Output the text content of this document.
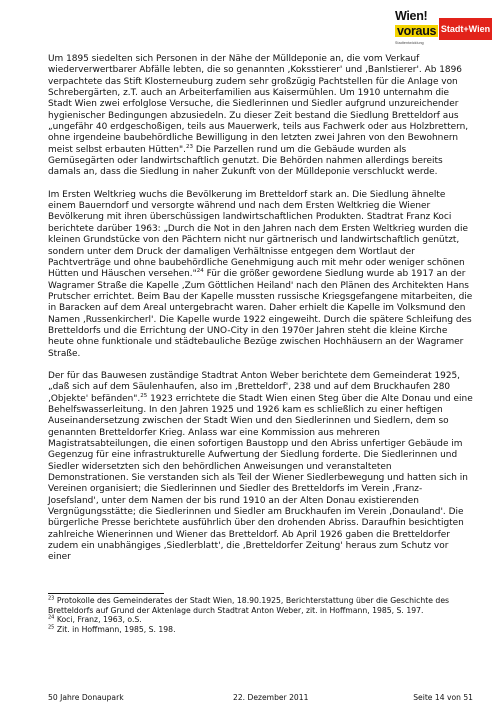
Wien!
voraus
Stadtentwicklung
Stadt+Wien

Um 1895 siedelten sich Personen in der Nähe der Mülldeponie an, die vom Verkauf wiederverwertbarer Abfälle lebten, die so genannten ‚Koksstierer' und ‚Banlstierer'. Ab 1896 verpachtete das Stift Klosterneuburg zudem sehr großzügig Pachtstellen für die Anlage von Schrebergärten, z.T. auch an Arbeiterfamilien aus Kaisermühlen. Um 1910 unternahm die Stadt Wien zwei erfolglose Versuche, die Siedlerinnen und Siedler aufgrund unzureichender hygienischer Bedingungen abzusiedeln. Zu dieser Zeit bestand die Siedlung Bretteldorf aus „ungefähr 40 erdgeschoßigen, teils aus Mauerwerk, teils aus Fachwerk oder aus Holzbrettern, ohne irgendeine baubehördliche Bewilligung in den letzten zwei Jahren von den Bewohnern meist selbst erbauten Hütten".$^{23}$ Die Parzellen rund um die Gebäude wurden als Gemüsegärten oder landwirtschaftlich genutzt. Die Behörden nahmen allerdings bereits damals an, dass die Siedlung in naher Zukunft von der Mülldeponie verschluckt werde.

Im Ersten Weltkrieg wuchs die Bevölkerung im Bretteldorf stark an. Die Siedlung ähnelte einem Bauerndorf und versorgte während und nach dem Ersten Weltkrieg die Wiener Bevölkerung mit ihren überschüssigen landwirtschaftlichen Produkten. Stadtrat Franz Koci berichtete darüber 1963: „Durch die Not in den Jahren nach dem Ersten Weltkrieg wurden die kleinen Grundstücke von den Pächtern nicht nur gärtnerisch und landwirtschaftlich genützt, sondern unter dem Druck der damaligen Verhältnisse entgegen dem Wortlaut der Pachtverträge und ohne baubehördliche Genehmigung auch mit mehr oder weniger schönen Hütten und Häuschen versehen."$^{24}$ Für die größer gewordene Siedlung wurde ab 1917 an der Wagramer Straße die Kapelle ‚Zum Göttlichen Heiland' nach den Plänen des Architekten Hans Prutscher errichtet. Beim Bau der Kapelle mussten russische Kriegsgefangene mitarbeiten, die in Baracken auf dem Areal untergebracht waren. Daher erhielt die Kapelle im Volksmund den Namen ‚Russenkircherl'. Die Kapelle wurde 1922 eingeweiht. Durch die spätere Schleifung des Bretteldorfs und die Errichtung der UNO-City in den 1970er Jahren steht die kleine Kirche heute ohne funktionale und städtebauliche Bezüge zwischen Hochhäusern an der Wagramer Straße.

Der für das Bauwesen zuständige Stadtrat Anton Weber berichtete dem Gemeinderat 1925, „daß sich auf dem Säulenhaufen, also im ‚Bretteldorf', 238 und auf dem Bruckhaufen 280 ‚Objekte' befänden".$^{25}$ 1923 errichtete die Stadt Wien einen Steg über die Alte Donau und eine Behelfswasserleitung. In den Jahren 1925 und 1926 kam es schließlich zu einer heftigen Auseinandersetzung zwischen der Stadt Wien und den Siedlerinnen und Siedlern, dem so genannten Bretteldorfer Krieg. Anlass war eine Kommission aus mehreren Magistratsabteilungen, die einen sofortigen Baustopp und den Abriss unfertiger Gebäude im Gegenzug für eine infrastrukturelle Aufwertung der Siedlung forderte. Die Siedlerinnen und Siedler widersetzten sich den behördlichen Anweisungen und veranstalteten Demonstrationen. Sie verstanden sich als Teil der Wiener Siedlerbewegung und hatten sich in Vereinen organisiert; die Siedlerinnen und Siedler des Bretteldorfs im Verein ‚Franz-Josefsland', unter dem Namen der bis rund 1910 an der Alten Donau existierenden Vergnügungsstätte; die Siedlerinnen und Siedler am Bruckhaufen im Verein ‚Donauland'. Die bürgerliche Presse berichtete ausführlich über den drohenden Abriss. Daraufhin besichtigten zahlreiche Wienerinnen und Wiener das Bretteldorf. Ab April 1926 gaben die Bretteldorfer zudem ein unabhängiges ‚Siedlerblatt', die ‚Bretteldorfer Zeitung' heraus zum Schutz vor einer

$^{23}$ Protokolle des Gemeinderates der Stadt Wien, 18.90.1925, Berichterstattung über die Geschichte des Bretteldorfs auf Grund der Aktenlage durch Stadtrat Anton Weber, zit. in Hoffmann, 1985, S. 197.
$^{24}$ Koci, Franz, 1963, o.S.
$^{25}$ Zit. in Hoffmann, 1985, S. 198.
50 Jahre Donaupark	22. Dezember 2011	Seite 14 von 51
